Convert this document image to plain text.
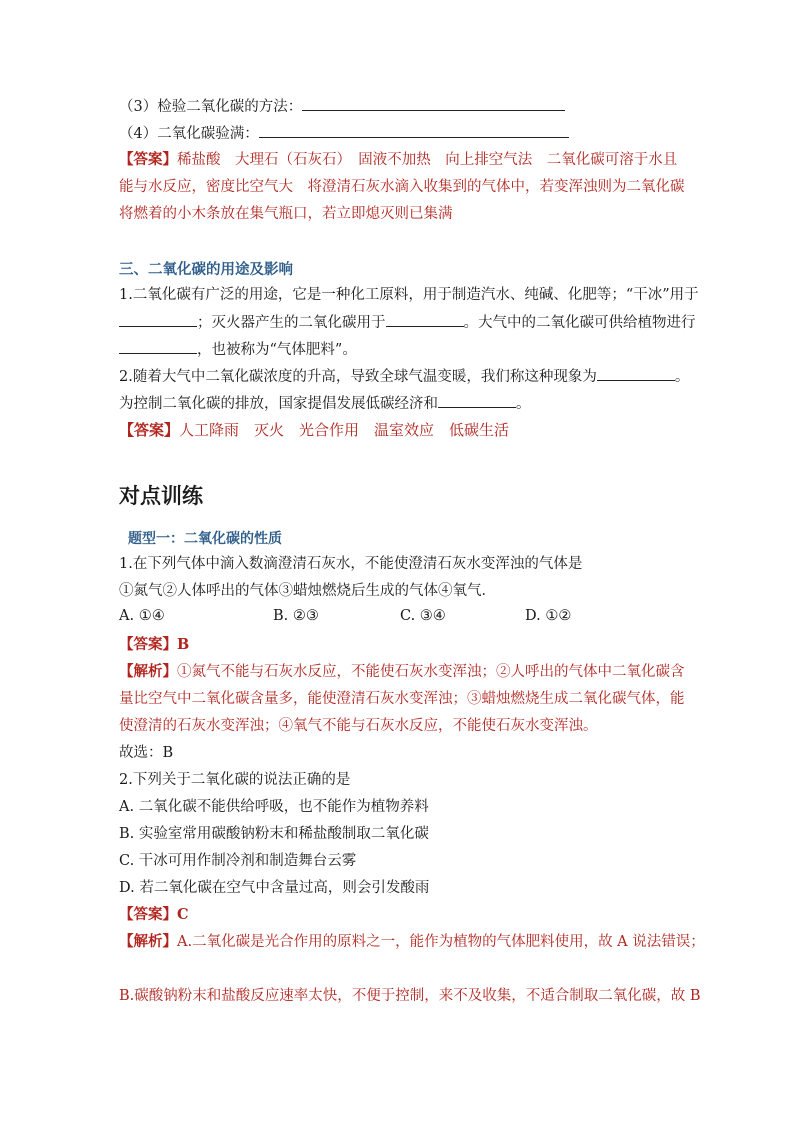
（3）检验二氧化碳的方法：
（4）二氧化碳验满：
【答案】稀盐酸　大理石（石灰石）　固液不加热　向上排空气法　二氧化碳可溶于水且
能与水反应，密度比空气大　将澄清石灰水滴入收集到的气体中，若变浑浊则为二氧化碳
将燃着的小木条放在集气瓶口，若立即熄灭则已集满
三、二氧化碳的用途及影响
1.二氧化碳有广泛的用途，它是一种化工原料，用于制造汽水、纯碱、化肥等；“干冰”用于
；灭火器产生的二氧化碳用于	。大气中的二氧化碳可供给植物进行
，也被称为“气体肥料”。
2.随着大气中二氧化碳浓度的升高，导致全球气温变暖，我们称这种现象为	。
为控制二氧化碳的排放，国家提倡发展低碳经济和	。
【答案】人工降雨　灭火　光合作用　温室效应　低碳生活
对点训练
题型一：二氧化碳的性质
1.在下列气体中滴入数滴澄清石灰水，不能使澄清石灰水变浑浊的气体是
①氮气②人体呼出的气体③蜡烛燃烧后生成的气体④氧气．
A. ①④	B. ②③	C. ③④	D. ①②
【答案】B
【解析】①氮气不能与石灰水反应，不能使石灰水变浑浊；②人呼出的气体中二氧化碳含
量比空气中二氧化碳含量多，能使澄清石灰水变浑浊；③蜡烛燃烧生成二氧化碳气体，能
使澄清的石灰水变浑浊；④氧气不能与石灰水反应，不能使石灰水变浑浊。
故选：B
2.下列关于二氧化碳的说法正确的是
A. 二氧化碳不能供给呼吸，也不能作为植物养料
B. 实验室常用碳酸钠粉末和稀盐酸制取二氧化碳
C. 干冰可用作制冷剂和制造舞台云雾
D. 若二氧化碳在空气中含量过高，则会引发酸雨
【答案】C
【解析】A.二氧化碳是光合作用的原料之一，能作为植物的气体肥料使用，故 A 说法错误；
B.碳酸钠粉末和盐酸反应速率太快，不便于控制，来不及收集，不适合制取二氧化碳，故 B
